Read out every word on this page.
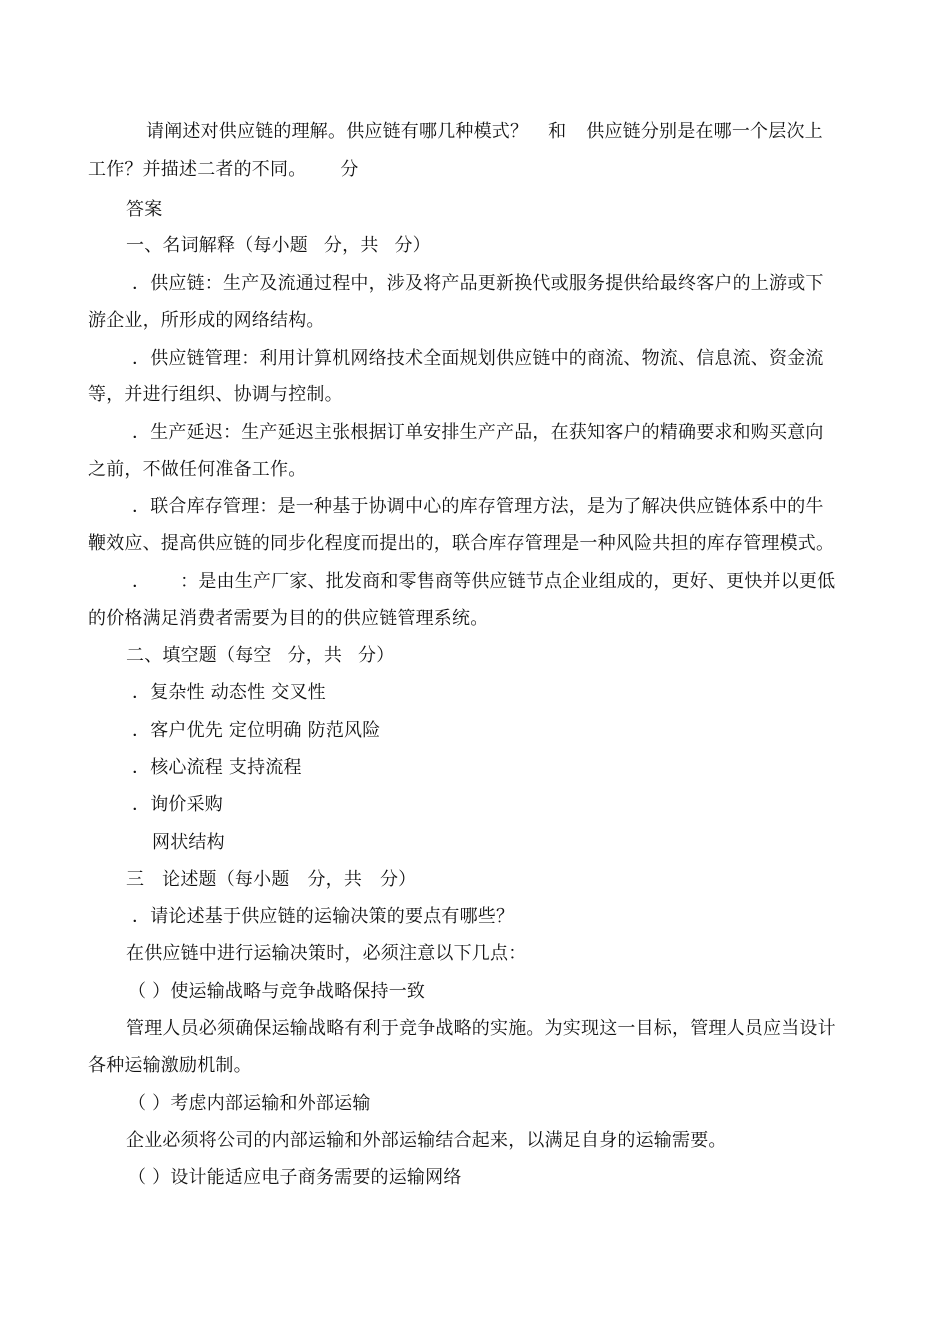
请阐述对供应链的理解。供应链有哪几种模式？ 和 供应链分别是在哪一个层次上
工作？并描述二者的不同。 分
答案
一、名词解释（每小题 分，共 分）
．供应链：生产及流通过程中，涉及将产品更新换代或服务提供给最终客户的上游或下
游企业，所形成的网络结构。
．供应链管理：利用计算机网络技术全面规划供应链中的商流、物流、信息流、资金流
等，并进行组织、协调与控制。
．生产延迟：生产延迟主张根据订单安排生产产品，在获知客户的精确要求和购买意向
之前，不做任何准备工作。
．联合库存管理：是一种基于协调中心的库存管理方法，是为了解决供应链体系中的牛
鞭效应、提高供应链的同步化程度而提出的，联合库存管理是一种风险共担的库存管理模式。
． ：是由生产厂家、批发商和零售商等供应链节点企业组成的，更好、更快并以更低
的价格满足消费者需要为目的的供应链管理系统。
二、填空题（每空 分，共 分）
．复杂性 动态性 交叉性
．客户优先 定位明确 防范风险
．核心流程 支持流程
．询价采购
网状结构
三 论述题（每小题 分，共 分）
．请论述基于供应链的运输决策的要点有哪些？
在供应链中进行运输决策时，必须注意以下几点：
（ ）使运输战略与竞争战略保持一致
管理人员必须确保运输战略有利于竞争战略的实施。为实现这一目标，管理人员应当设计
各种运输激励机制。
（ ）考虑内部运输和外部运输
企业必须将公司的内部运输和外部运输结合起来，以满足自身的运输需要。
（ ）设计能适应电子商务需要的运输网络
